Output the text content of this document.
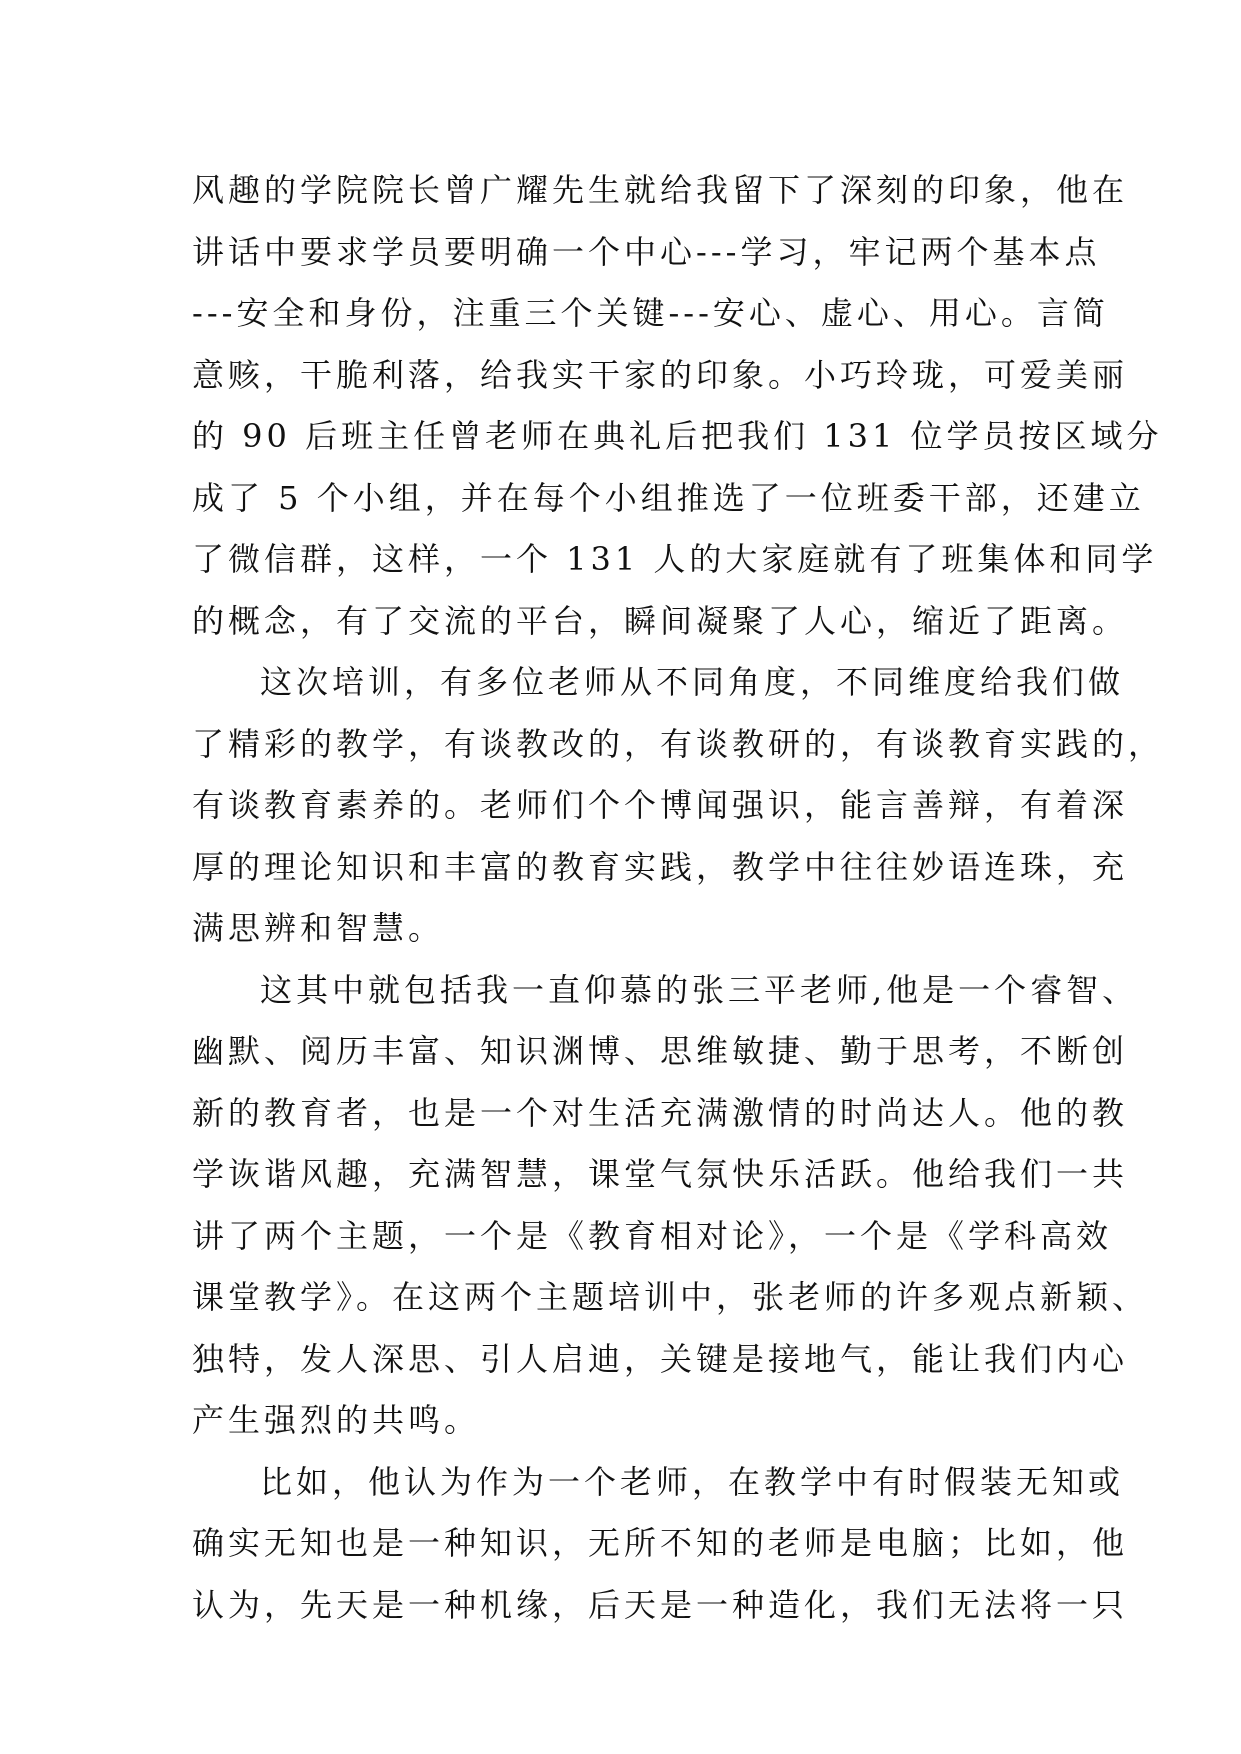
风趣的学院院长曾广耀先生就给我留下了深刻的印象，他在
讲话中要求学员要明确一个中心---学习，牢记两个基本点
---安全和身份，注重三个关键---安心、虚心、用心。言简
意赅，干脆利落，给我实干家的印象。小巧玲珑，可爱美丽
的 90 后班主任曾老师在典礼后把我们 131 位学员按区域分
成了 5 个小组，并在每个小组推选了一位班委干部，还建立
了微信群，这样，一个 131 人的大家庭就有了班集体和同学
的概念，有了交流的平台，瞬间凝聚了人心，缩近了距离。
这次培训，有多位老师从不同角度，不同维度给我们做
了精彩的教学，有谈教改的，有谈教研的，有谈教育实践的，
有谈教育素养的。老师们个个博闻强识，能言善辩，有着深
厚的理论知识和丰富的教育实践，教学中往往妙语连珠，充
满思辨和智慧。
这其中就包括我一直仰慕的张三平老师,他是一个睿智、
幽默、阅历丰富、知识渊博、思维敏捷、勤于思考，不断创
新的教育者，也是一个对生活充满激情的时尚达人。他的教
学诙谐风趣，充满智慧，课堂气氛快乐活跃。他给我们一共
讲了两个主题，一个是《教育相对论》，一个是《学科高效
课堂教学》。在这两个主题培训中，张老师的许多观点新颖、
独特，发人深思、引人启迪，关键是接地气，能让我们内心
产生强烈的共鸣。
比如，他认为作为一个老师，在教学中有时假装无知或
确实无知也是一种知识，无所不知的老师是电脑；比如，他
认为，先天是一种机缘，后天是一种造化，我们无法将一只
